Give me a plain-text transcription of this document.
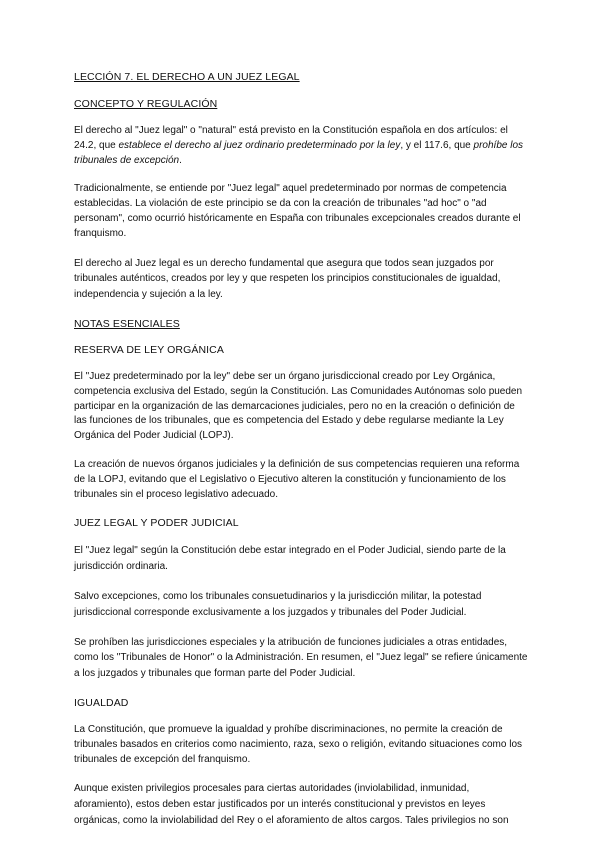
LECCIÓN 7. EL DERECHO A UN JUEZ LEGAL
CONCEPTO Y REGULACIÓN

El derecho al "Juez legal" o "natural" está previsto en la Constitución española en dos artículos: el 24.2, que establece el derecho al juez ordinario predeterminado por la ley, y el 117.6, que prohíbe los tribunales de excepción.

Tradicionalmente, se entiende por "Juez legal" aquel predeterminado por normas de competencia establecidas. La violación de este principio se da con la creación de tribunales "ad hoc" o "ad personam", como ocurrió históricamente en España con tribunales excepcionales creados durante el franquismo.

El derecho al Juez legal es un derecho fundamental que asegura que todos sean juzgados por tribunales auténticos, creados por ley y que respeten los principios constitucionales de igualdad, independencia y sujeción a la ley.

NOTAS ESENCIALES
RESERVA DE LEY ORGÁNICA

El "Juez predeterminado por la ley" debe ser un órgano jurisdiccional creado por Ley Orgánica, competencia exclusiva del Estado, según la Constitución. Las Comunidades Autónomas solo pueden participar en la organización de las demarcaciones judiciales, pero no en la creación o definición de las funciones de los tribunales, que es competencia del Estado y debe regularse mediante la Ley Orgánica del Poder Judicial (LOPJ).

La creación de nuevos órganos judiciales y la definición de sus competencias requieren una reforma de la LOPJ, evitando que el Legislativo o Ejecutivo alteren la constitución y funcionamiento de los tribunales sin el proceso legislativo adecuado.

JUEZ LEGAL Y PODER JUDICIAL

El "Juez legal" según la Constitución debe estar integrado en el Poder Judicial, siendo parte de la jurisdicción ordinaria.

Salvo excepciones, como los tribunales consuetudinarios y la jurisdicción militar, la potestad jurisdiccional corresponde exclusivamente a los juzgados y tribunales del Poder Judicial.

Se prohíben las jurisdicciones especiales y la atribución de funciones judiciales a otras entidades, como los "Tribunales de Honor" o la Administración. En resumen, el "Juez legal" se refiere únicamente a los juzgados y tribunales que forman parte del Poder Judicial.

IGUALDAD

La Constitución, que promueve la igualdad y prohíbe discriminaciones, no permite la creación de tribunales basados en criterios como nacimiento, raza, sexo o religión, evitando situaciones como los tribunales de excepción del franquismo.

Aunque existen privilegios procesales para ciertas autoridades (inviolabilidad, inmunidad, aforamiento), estos deben estar justificados por un interés constitucional y previstos en leyes orgánicas, como la inviolabilidad del Rey o el aforamiento de altos cargos. Tales privilegios no son
